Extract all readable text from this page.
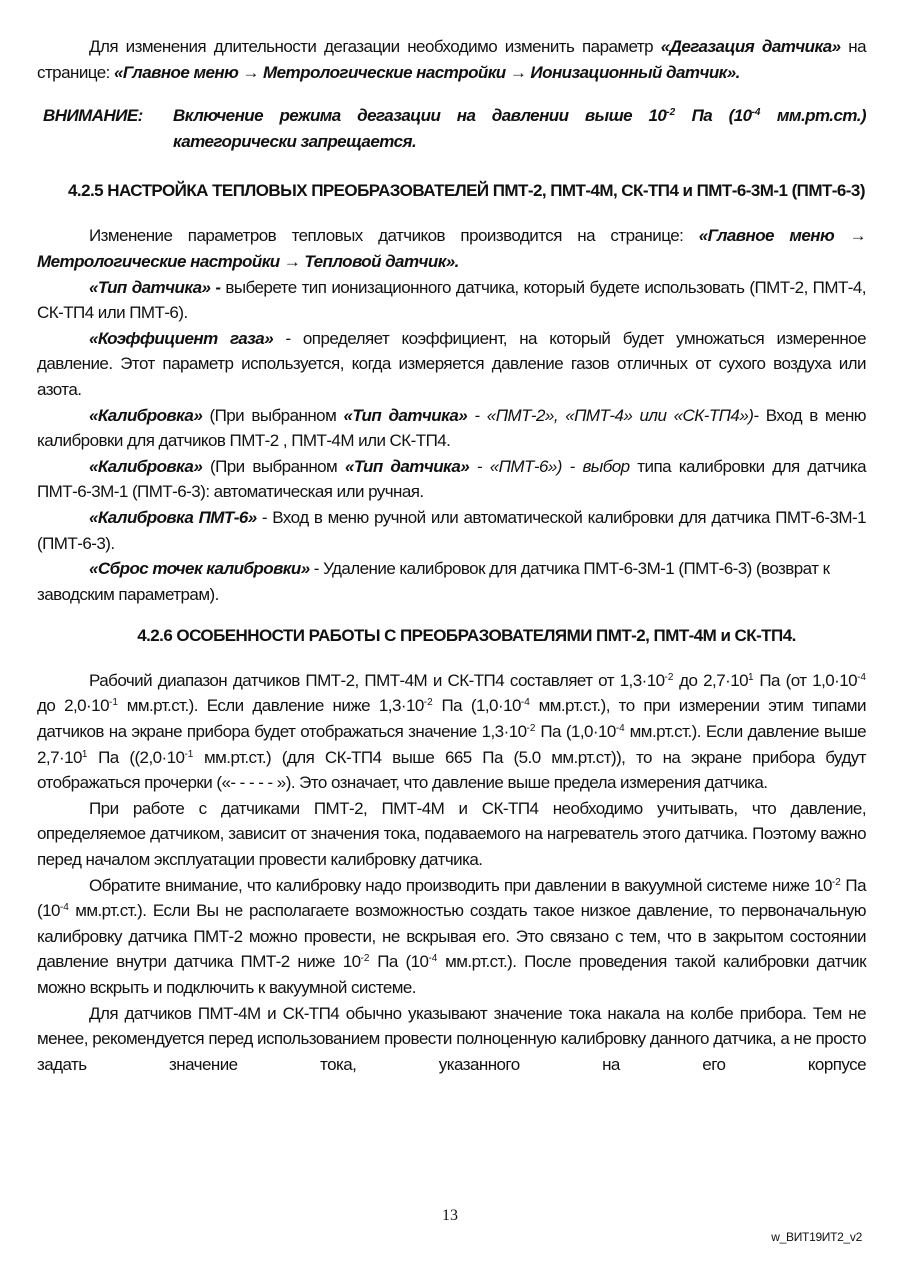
Для изменения длительности дегазации необходимо изменить параметр «Дегазация датчика» на странице: «Главное меню → Метрологические настройки → Ионизационный датчик».

ВНИМАНИЕ:	Включение режима дегазации на давлении выше $10^{-2}$ Па ($10^{-4}$ мм.рт.ст.) категорически запрещается.

4.2.5 НАСТРОЙКА ТЕПЛОВЫХ ПРЕОБРАЗОВАТЕЛЕЙ ПМТ-2, ПМТ-4М, СК-ТП4 и ПМТ-6-3М-1 (ПМТ-6-3)

Изменение параметров тепловых датчиков производится на странице: «Главное меню → Метрологические настройки → Тепловой датчик».

«Тип датчика» - выберете тип ионизационного датчика, который будете использовать (ПМТ-2, ПМТ-4, СК-ТП4 или ПМТ-6).

«Коэффициент газа» - определяет коэффициент, на который будет умножаться измеренное давление. Этот параметр используется, когда измеряется давление газов отличных от сухого воздуха или азота.

«Калибровка» (При выбранном «Тип датчика» - «ПМТ-2», «ПМТ-4» или «СК-ТП4»)- Вход в меню калибровки для датчиков ПМТ-2 , ПМТ-4М или СК-ТП4.

«Калибровка» (При выбранном «Тип датчика» - «ПМТ-6») - выбор типа калибровки для датчика ПМТ-6-3М-1 (ПМТ-6-3): автоматическая или ручная.

«Калибровка ПМТ-6» - Вход в меню ручной или автоматической калибровки для датчика ПМТ-6-3М-1 (ПМТ-6-3).

«Сброс точек калибровки» - Удаление калибровок для датчика ПМТ-6-3М-1 (ПМТ-6-3) (возврат к заводским параметрам).

4.2.6 ОСОБЕННОСТИ РАБОТЫ С ПРЕОБРАЗОВАТЕЛЯМИ ПМТ-2, ПМТ-4М и СК-ТП4.

Рабочий диапазон датчиков ПМТ-2, ПМТ-4М и СК-ТП4 составляет от $1,3\cdot 10^{-2}$ до $2,7\cdot 10^1$ Па (от $1,0\cdot 10^{-4}$ до $2,0\cdot 10^{-1}$ мм.рт.ст.). Если давление ниже $1,3\cdot 10^{-2}$ Па ($1,0\cdot 10^{-4}$ мм.рт.ст.), то при измерении этим типами датчиков на экране прибора будет отображаться значение $1,3\cdot 10^{-2}$ Па ($1,0\cdot 10^{-4}$ мм.рт.ст.). Если давление выше $2,7\cdot 10^1$ Па (($2,0\cdot 10^{-1}$ мм.рт.ст.) (для СК-ТП4 выше 665 Па (5.0 мм.рт.ст)), то на экране прибора будут отображаться прочерки («- - - - - »). Это означает, что давление выше предела измерения датчика.

При работе с датчиками ПМТ-2, ПМТ-4М и СК-ТП4 необходимо учитывать, что давление, определяемое датчиком, зависит от значения тока, подаваемого на нагреватель этого датчика. Поэтому важно перед началом эксплуатации провести калибровку датчика.

Обратите внимание, что калибровку надо производить при давлении в вакуумной системе ниже $10^{-2}$ Па ($10^{-4}$ мм.рт.ст.). Если Вы не располагаете возможностью создать такое низкое давление, то первоначальную калибровку датчика ПМТ-2 можно провести, не вскрывая его. Это связано с тем, что в закрытом состоянии давление внутри датчика ПМТ-2 ниже $10^{-2}$ Па ($10^{-4}$ мм.рт.ст.). После проведения такой калибровки датчик можно вскрыть и подключить к вакуумной системе.

Для датчиков ПМТ-4М и СК-ТП4 обычно указывают значение тока накала на колбе прибора. Тем не менее, рекомендуется перед использованием провести полноценную калибровку данного датчика, а не просто задать значение тока, указанного на его корпусе

13
w_ВИТ19ИТ2_v2
